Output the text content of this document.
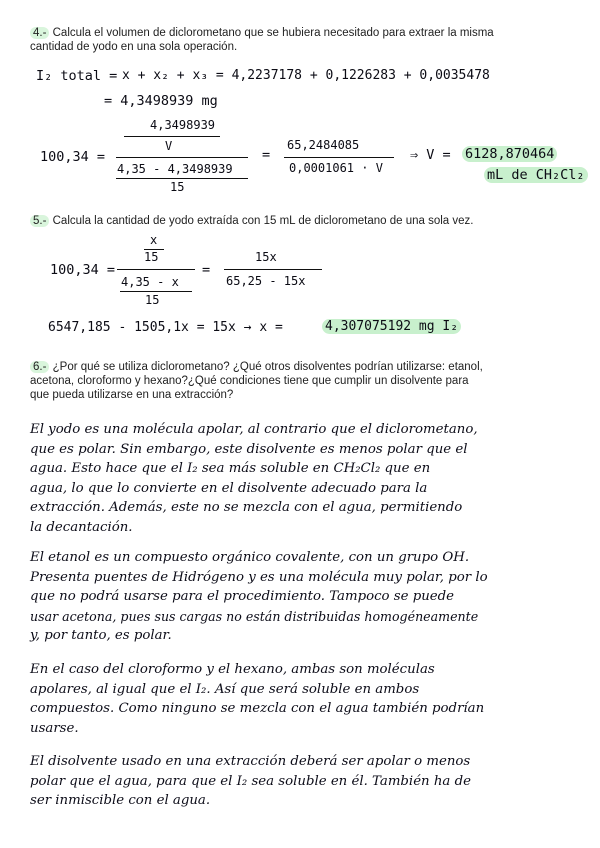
4.- Calcula el volumen de diclorometano que se hubiera necesitado para extraer la misma
cantidad de yodo en una sola operación.
I₂ total = x + x₂ + x₃ = 4,2237178 + 0,1226283 + 0,0035478
= 4,3498939 mg
100,34 =
4,3498939
V
4,35 - 4,3498939
15
=
65,2484085
0,0001061 · V
⇒ V = 6128,870464
mL de CH₂Cl₂
5.- Calcula la cantidad de yodo extraída con 15 mL de diclorometano de una sola vez.
100,34 =
x
15
4,35 - x
15
=
15x
65,25 - 15x
6547,185 - 1505,1x = 15x → x =	4,3070751​92 mg I₂
6.- ¿Por qué se utiliza diclorometano? ¿Qué otros disolventes podrían utilizarse: etanol,
acetona, cloroformo y hexano?¿Qué condiciones tiene que cumplir un disolvente para
que pueda utilizarse en una extracción?
El yodo es una molécula apolar, al contrario que el diclorometano,
que es polar. Sin embargo, este disolvente es menos polar que el
agua. Esto hace que el I₂ sea más soluble en CH₂Cl₂ que en
agua, lo que lo convierte en el disolvente adecuado para la
extracción. Además, este no se mezcla con el agua, permitiendo
la decantación.
El etanol es un compuesto orgánico covalente, con un grupo OH.
Presenta puentes de Hidrógeno y es una molécula muy polar, por lo
que no podrá usarse para el procedimiento. Tampoco se puede
usar acetona, pues sus cargas no están distribuidas homogéneamente
y, por tanto, es polar.
En el caso del cloroformo y el hexano, ambas son moléculas
apolares, al igual que el I₂. Así que será soluble en ambos
compuestos. Como ninguno se mezcla con el agua también podrían
usarse.
El disolvente usado en una extracción deberá ser apolar o menos
polar que el agua, para que el I₂ sea soluble en él. También ha de
ser inmiscible con el agua.
